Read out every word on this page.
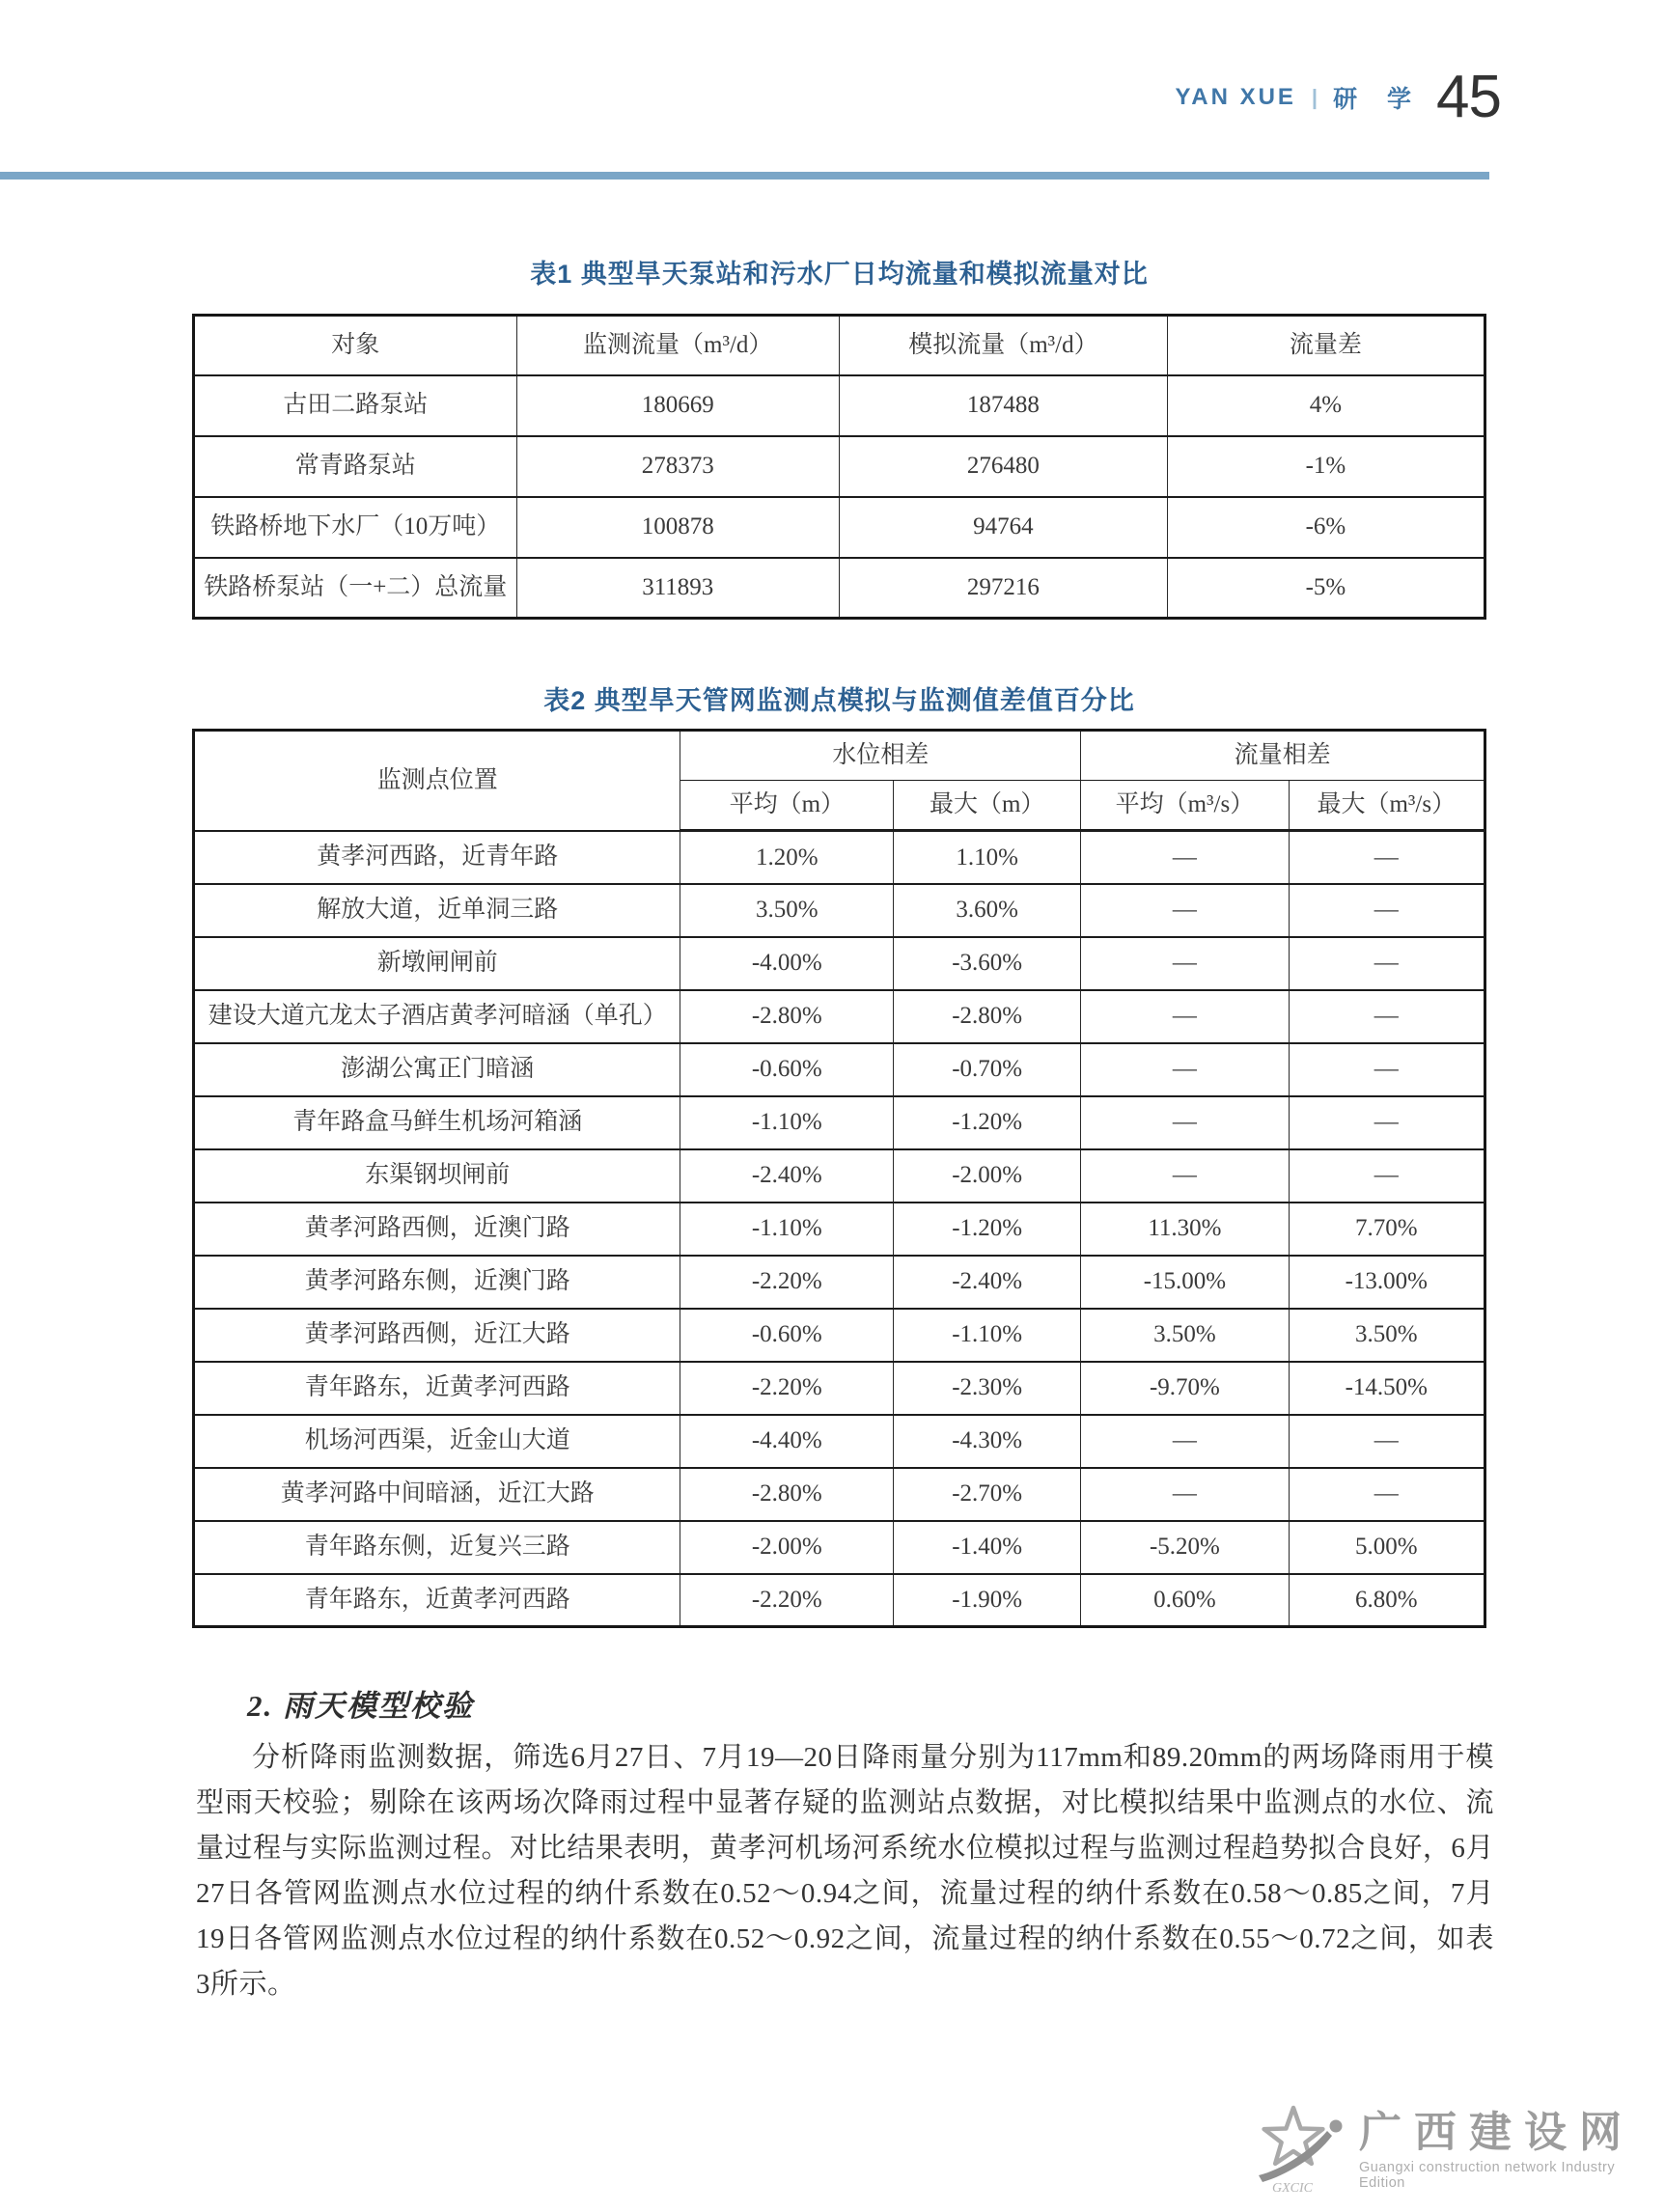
YAN XUE | 研 学 45
表1 典型旱天泵站和污水厂日均流量和模拟流量对比
对象	监测流量（m³/d）	模拟流量（m³/d）	流量差
古田二路泵站	180669	187488	4%
常青路泵站	278373	276480	-1%
铁路桥地下水厂（10万吨）	100878	94764	-6%
铁路桥泵站（一+二）总流量	311893	297216	-5%
表2 典型旱天管网监测点模拟与监测值差值百分比
监测点位置	水位相差		流量相差	
	平均（m）	最大（m）	平均（m³/s）	最大（m³/s）
黄孝河西路，近青年路	1.20%	1.10%	—	—
解放大道，近单洞三路	3.50%	3.60%	—	—
新墩闸闸前	-4.00%	-3.60%	—	—
建设大道亢龙太子酒店黄孝河暗涵（单孔）	-2.80%	-2.80%	—	—
澎湖公寓正门暗涵	-0.60%	-0.70%	—	—
青年路盒马鲜生机场河箱涵	-1.10%	-1.20%	—	—
东渠钢坝闸前	-2.40%	-2.00%	—	—
黄孝河路西侧，近澳门路	-1.10%	-1.20%	11.30%	7.70%
黄孝河路东侧，近澳门路	-2.20%	-2.40%	-15.00%	-13.00%
黄孝河路西侧，近江大路	-0.60%	-1.10%	3.50%	3.50%
青年路东，近黄孝河西路	-2.20%	-2.30%	-9.70%	-14.50%
机场河西渠，近金山大道	-4.40%	-4.30%	—	—
黄孝河路中间暗涵，近江大路	-2.80%	-2.70%	—	—
青年路东侧，近复兴三路	-2.00%	-1.40%	-5.20%	5.00%
青年路东，近黄孝河西路	-2.20%	-1.90%	0.60%	6.80%
2. 雨天模型校验
分析降雨监测数据，筛选6月27日、7月19—20日降雨量分别为117mm和89.20mm的两场降雨用于模型雨天校验；剔除在该两场次降雨过程中显著存疑的监测站点数据，对比模拟结果中监测点的水位、流量过程与实际监测过程。对比结果表明，黄孝河机场河系统水位模拟过程与监测过程趋势拟合良好，6月27日各管网监测点水位过程的纳什系数在0.52～0.94之间，流量过程的纳什系数在0.58～0.85之间，7月19日各管网监测点水位过程的纳什系数在0.52～0.92之间，流量过程的纳什系数在0.55～0.72之间，如表3所示。
GXCIC
广西建设网
Guangxi construction network Industry Edition
